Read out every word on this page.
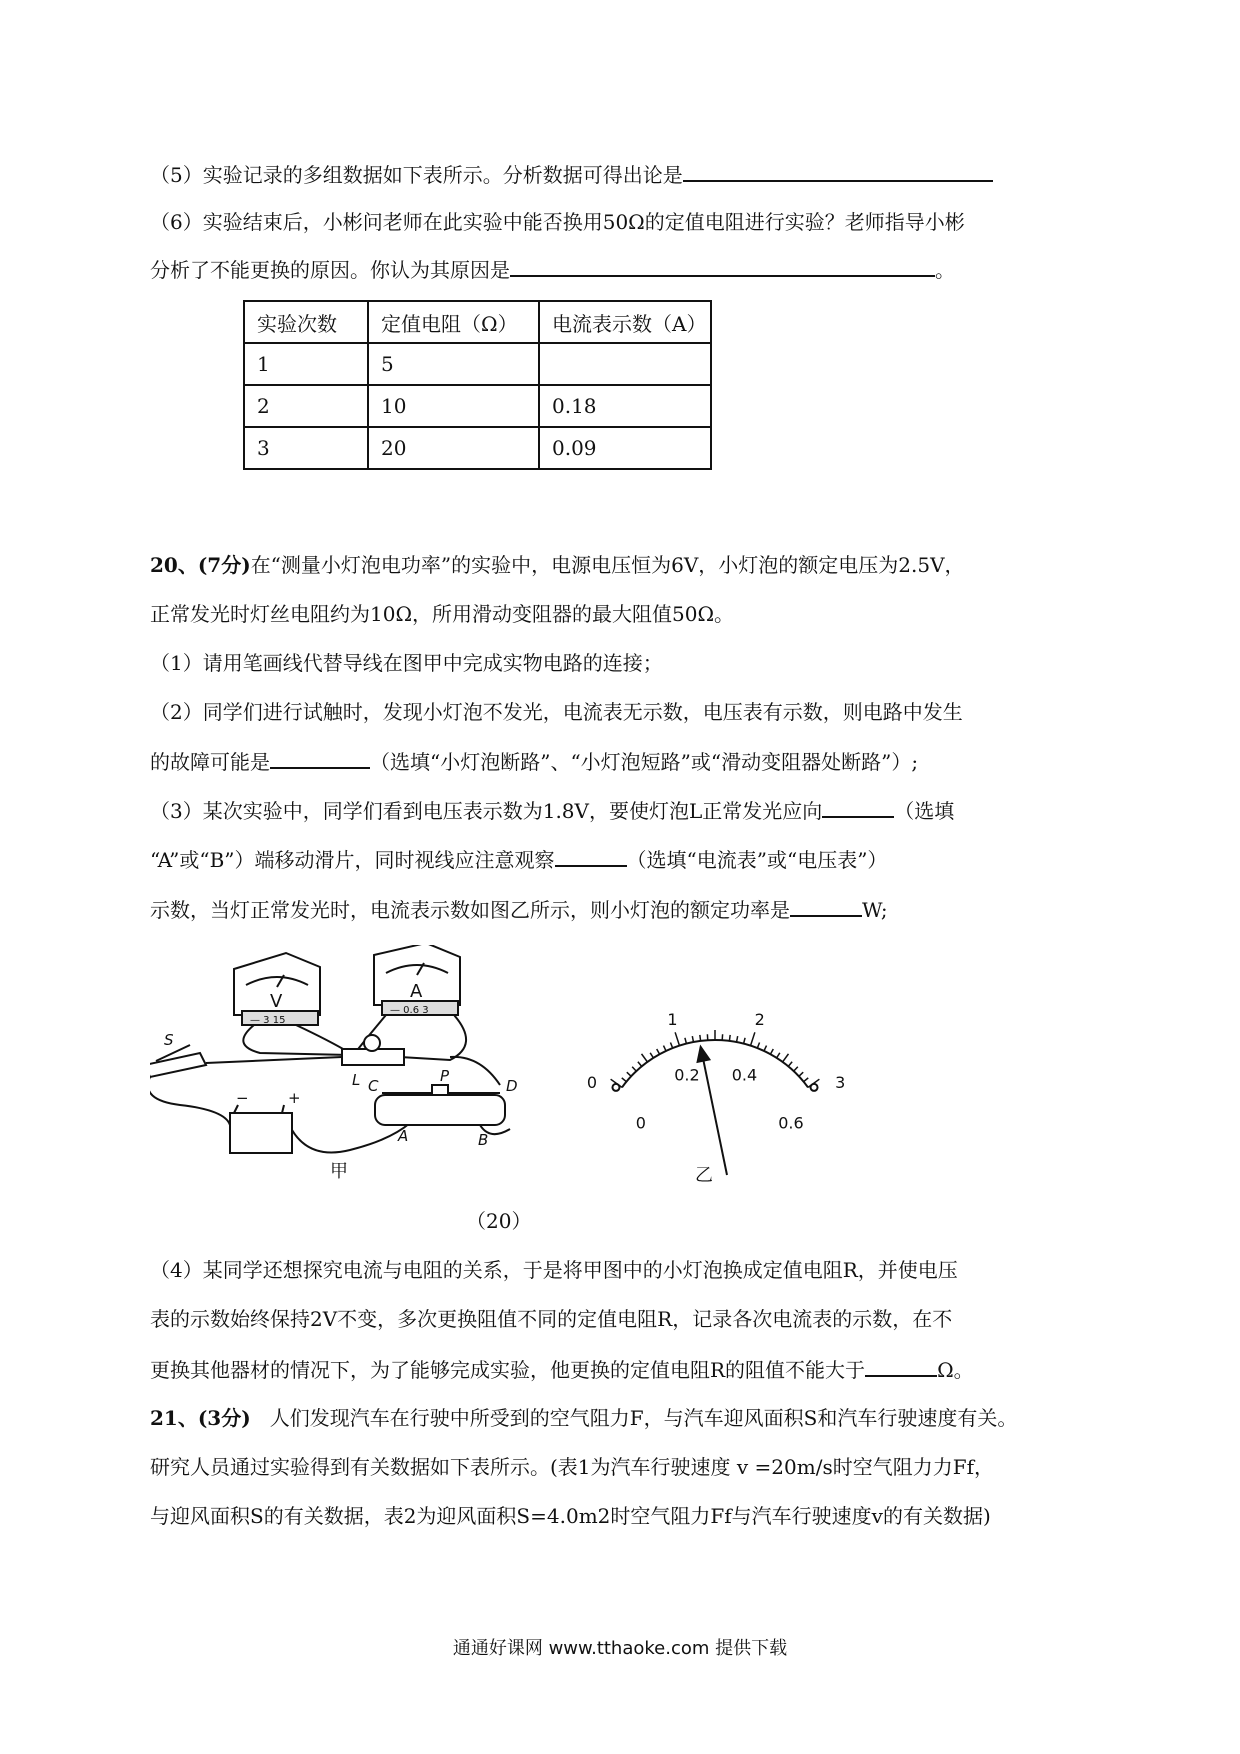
（5）实验记录的多组数据如下表所示。分析数据可得出论是
（6）实验结束后，小彬问老师在此实验中能否换用50Ω的定值电阻进行实验？老师指导小彬
分析了不能更换的原因。你认为其原因是	。
实验次数	定值电阻（Ω）	电流表示数（A）
1	5	
2	10	0.18
3	20	0.09
20、(7分)在“测量小灯泡电功率”的实验中，电源电压恒为6V，小灯泡的额定电压为2.5V，
正常发光时灯丝电阻约为10Ω，所用滑动变阻器的最大阻值50Ω。
（1）请用笔画线代替导线在图甲中完成实物电路的连接；
（2）同学们进行试触时，发现小灯泡不发光，电流表无示数，电压表有示数，则电路中发生
的故障可能是	（选填“小灯泡断路”、“小灯泡短路”或“滑动变阻器处断路”）;
（3）某次实验中，同学们看到电压表示数为1.8V，要使灯泡L正常发光应向	（选填
“A”或“B”）端移动滑片，同时视线应注意观察	（选填“电流表”或“电压表”）
示数，当灯正常发光时，电流表示数如图乙所示，则小灯泡的额定功率是	W;
V	A
— 3 15
— 0.6 3
S
L
−	+
C
P
D
A	B
甲
0
1	2
3
0
0.2 0.4
0.6
乙
（20）
（4）某同学还想探究电流与电阻的关系，于是将甲图中的小灯泡换成定值电阻R，并使电压
表的示数始终保持2V不变，多次更换阻值不同的定值电阻R，记录各次电流表的示数，在不
更换其他器材的情况下，为了能够完成实验，他更换的定值电阻R的阻值不能大于	Ω。
21、(3分) 人们发现汽车在行驶中所受到的空气阻力F，与汽车迎风面积S和汽车行驶速度有关。
研究人员通过实验得到有关数据如下表所示。(表1为汽车行驶速度 v =20m/s时空气阻力力Ff，
与迎风面积S的有关数据，表2为迎风面积S=4.0m2时空气阻力Ff与汽车行驶速度v的有关数据)
通通好课网 www.tthaoke.com 提供下载
